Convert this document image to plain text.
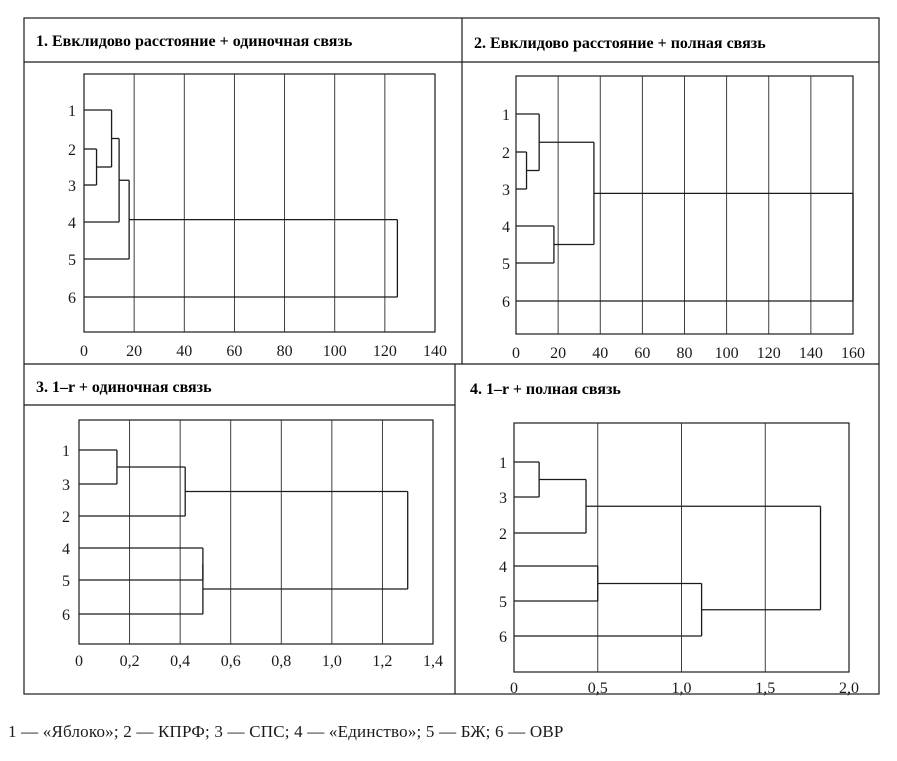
1. Евклидово расстояние + одиночная связь	2. Евклидово расстояние + полная связь
3. 1–r + одиночная связь	4. 1–r + полная связь
0 20 40 60 80 100 120 140
1
2
3
4
5
6
0 20 40 60 80 100 120 140 160
1
2
3
4
5
6
0 0,2 0,4 0,6 0,8 1,0 1,2 1,4
1
3
2
4
5
6
0	0,5	1,0	1,5	2,0
1
3
2
4
5
6
1 — «Яблоко»; 2 — КПРФ; 3 — СПС; 4 — «Единство»; 5 — БЖ; 6 — ОВР
